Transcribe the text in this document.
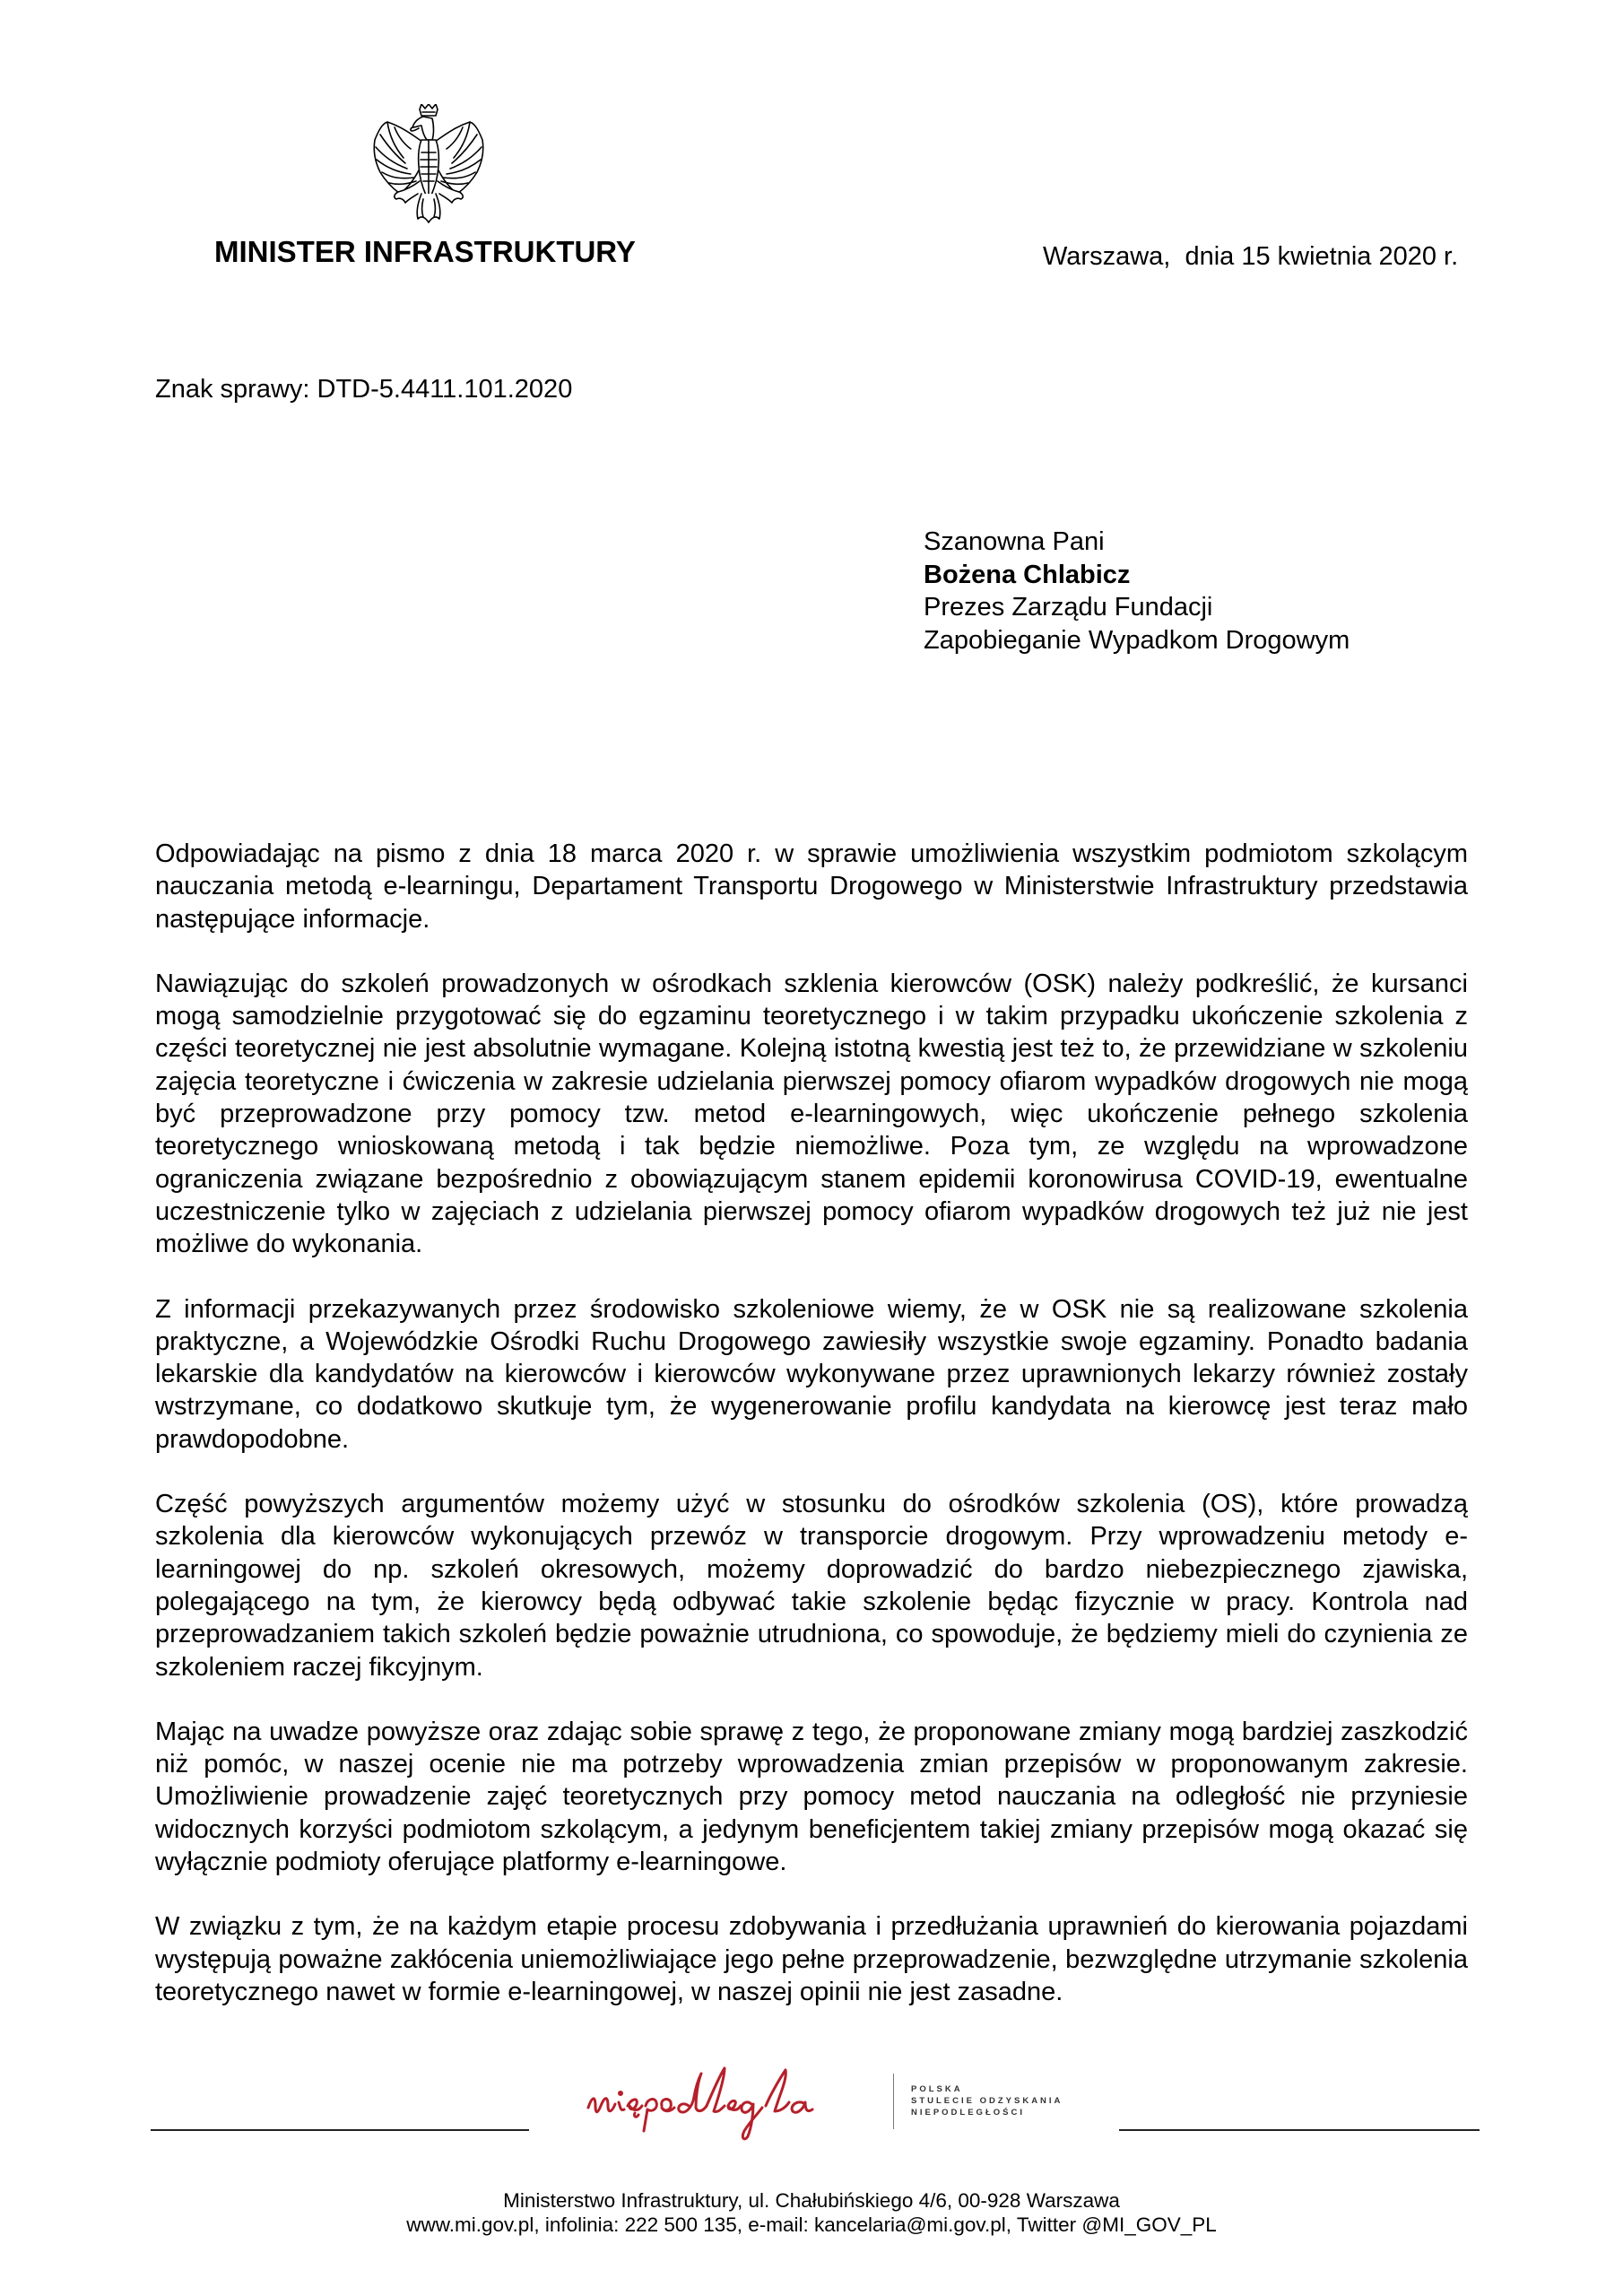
MINISTER INFRASTRUKTURY	Warszawa,  dnia 15 kwietnia 2020 r.
Znak sprawy: DTD-5.4411.101.2020
Szanowna Pani
Bożena Chlabicz
Prezes Zarządu Fundacji
Zapobieganie Wypadkom Drogowym

Odpowiadając na pismo z dnia 18 marca 2020 r. w sprawie umożliwienia wszystkim podmiotom szkolącym nauczania metodą e-learningu, Departament Transportu Drogowego w Ministerstwie Infrastruktury przedstawia następujące informacje.

Nawiązując do szkoleń prowadzonych w ośrodkach szklenia kierowców (OSK) należy podkreślić, że kursanci mogą samodzielnie przygotować się do egzaminu teoretycznego i w takim przypadku ukończenie szkolenia z części teoretycznej nie jest absolutnie wymagane. Kolejną istotną kwestią jest też to, że przewidziane w szkoleniu zajęcia teoretyczne i ćwiczenia w zakresie udzielania pierwszej pomocy ofiarom wypadków drogowych nie mogą być przeprowadzone przy pomocy tzw. metod e-learningowych, więc ukończenie pełnego szkolenia teoretycznego wnioskowaną metodą i tak będzie niemożliwe. Poza tym, ze względu na wprowadzone ograniczenia związane bezpośrednio z obowiązującym stanem epidemii koronowirusa COVID-19, ewentualne uczestniczenie tylko w zajęciach z udzielania pierwszej pomocy ofiarom wypadków drogowych też już nie jest możliwe do wykonania.

Z informacji przekazywanych przez środowisko szkoleniowe wiemy, że w OSK nie są realizowane szkolenia praktyczne, a Wojewódzkie Ośrodki Ruchu Drogowego zawiesiły wszystkie swoje egzaminy. Ponadto badania lekarskie dla kandydatów na kierowców i kierowców wykonywane przez uprawnionych lekarzy również zostały wstrzymane, co dodatkowo skutkuje tym, że wygenerowanie profilu kandydata na kierowcę jest teraz mało prawdopodobne.

Część powyższych argumentów możemy użyć w stosunku do ośrodków szkolenia (OS), które prowadzą szkolenia dla kierowców wykonujących przewóz w transporcie drogowym. Przy wprowadzeniu metody e-learningowej do np. szkoleń okresowych, możemy doprowadzić do bardzo niebezpiecznego zjawiska, polegającego na tym, że kierowcy będą odbywać takie szkolenie będąc fizycznie w pracy. Kontrola nad przeprowadzaniem takich szkoleń będzie poważnie utrudniona, co spowoduje, że będziemy mieli do czynienia ze szkoleniem raczej fikcyjnym.

Mając na uwadze powyższe oraz zdając sobie sprawę z tego, że proponowane zmiany mogą bardziej zaszkodzić niż pomóc, w naszej ocenie nie ma potrzeby wprowadzenia zmian przepisów w proponowanym zakresie. Umożliwienie prowadzenie zajęć teoretycznych przy pomocy metod nauczania na odległość nie przyniesie widocznych korzyści podmiotom szkolącym, a jedynym beneficjentem takiej zmiany przepisów mogą okazać się wyłącznie podmioty oferujące platformy e-learningowe.

W związku z tym, że na każdym etapie procesu zdobywania i przedłużania uprawnień do kierowania pojazdami występują poważne zakłócenia uniemożliwiające jego pełne przeprowadzenie, bezwzględne utrzymanie szkolenia teoretycznego nawet w formie e-learningowej, w naszej opinii nie jest zasadne.

POLSKA
STULECIE ODZYSKANIA
NIEPODLEGŁOŚCI
Ministerstwo Infrastruktury, ul. Chałubińskiego 4/6, 00-928 Warszawa
www.mi.gov.pl, infolinia: 222 500 135, e-mail: kancelaria@mi.gov.pl, Twitter @MI_GOV_PL
